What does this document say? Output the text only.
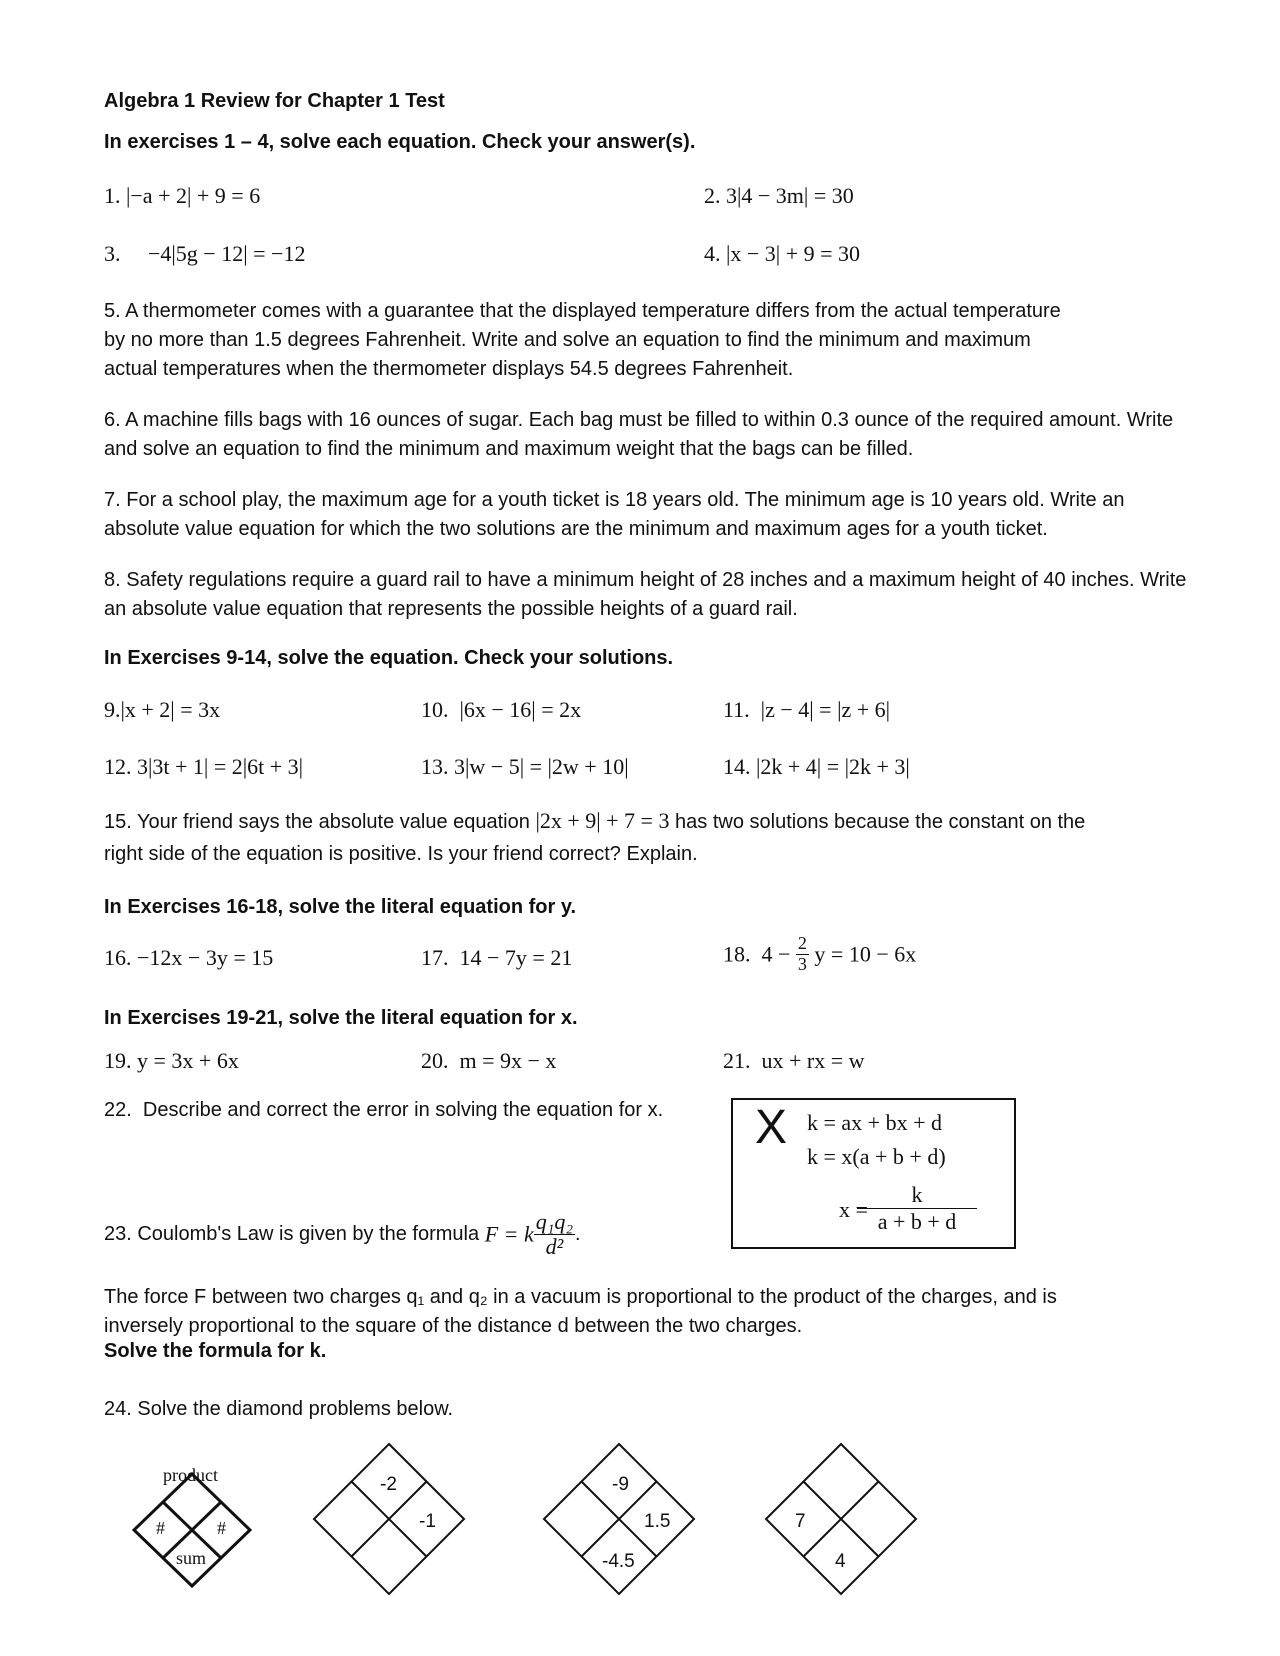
Algebra 1 Review for Chapter 1 Test
In exercises 1 – 4, solve each equation. Check your answer(s).
1. |−a + 2| + 9 = 6	2. 3|4 − 3m| = 30
3.     −4|5g − 12| = −12	4. |x − 3| + 9 = 30
5. A thermometer comes with a guarantee that the displayed temperature differs from the actual temperature by no more than 1.5 degrees Fahrenheit. Write and solve an equation to find the minimum and maximum actual temperatures when the thermometer displays 54.5 degrees Fahrenheit.
6. A machine fills bags with 16 ounces of sugar. Each bag must be filled to within 0.3 ounce of the required amount. Write and solve an equation to find the minimum and maximum weight that the bags can be filled.
7. For a school play, the maximum age for a youth ticket is 18 years old. The minimum age is 10 years old. Write an absolute value equation for which the two solutions are the minimum and maximum ages for a youth ticket.
8. Safety regulations require a guard rail to have a minimum height of 28 inches and a maximum height of 40 inches. Write an absolute value equation that represents the possible heights of a guard rail.
In Exercises 9-14, solve the equation. Check your solutions.
9.|x + 2| = 3x	10.  |6x − 16| = 2x	11.  |z − 4| = |z + 6|
12. 3|3t + 1| = 2|6t + 3|	13. 3|w − 5| = |2w + 10|	14. |2k + 4| = |2k + 3|
15. Your friend says the absolute value equation |2x + 9| + 7 = 3 has two solutions because the constant on the
right side of the equation is positive. Is your friend correct? Explain.
In Exercises 16-18, solve the literal equation for y.
16. −12x − 3y = 15	17.  14 − 7y = 21	18.  $4 - \frac{2}{3}$ y = 10 − 6x
In Exercises 19-21, solve the literal equation for x.
19. y = 3x + 6x	20.  m = 9x − x	21.  ux + rx = w
22.  Describe and correct the error in solving the equation for x. X k = ax + bx + d
k = x(a + b + d)
x =
$\frac{k}{a + b + d}$
23. Coulomb's Law is given by the formula F = k $\frac{\text{q₁q₂}}{\text{d²}}$ .
The force F between two charges q₁ and q₂ in a vacuum is proportional to the product of the charges, and is inversely proportional to the square of the distance d between the two charges.
Solve the formula for k.
24. Solve the diamond problems below.
product
#	#
sum
-2
-1
-9
1.5
-4.5
7
4
